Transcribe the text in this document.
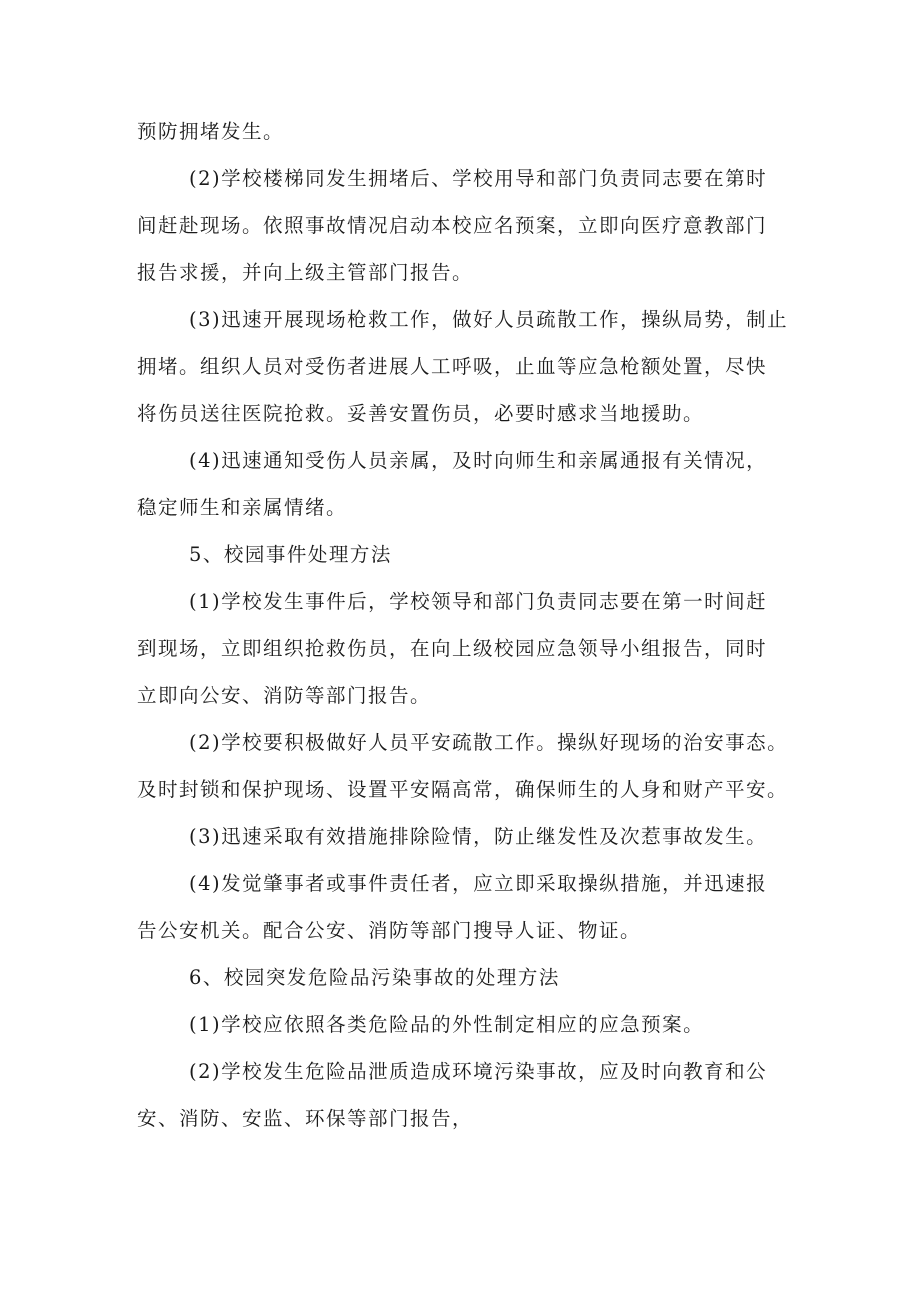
预防拥堵发生。
(2)学校楼梯同发生拥堵后、学校用导和部门负责同志要在第时
间赶赴现场。依照事故情况启动本校应名预案，立即向医疗意教部门
报告求援，并向上级主管部门报告。
(3)迅速开展现场枪救工作，做好人员疏散工作，操纵局势，制止
拥堵。组织人员对受伤者进展人工呼吸，止血等应急枪额处置，尽快
将伤员送往医院抢救。妥善安置伤员，必要时感求当地援助。
(4)迅速通知受伤人员亲属，及时向师生和亲属通报有关情况，
稳定师生和亲属情绪。
5、校园事件处理方法
(1)学校发生事件后，学校领导和部门负责同志要在第一时间赶
到现场，立即组织抢救伤员，在向上级校园应急领导小组报告，同时
立即向公安、消防等部门报告。
(2)学校要积极做好人员平安疏散工作。操纵好现场的治安事态。
及时封锁和保护现场、设置平安隔高常，确保师生的人身和财产平安。
(3)迅速采取有效措施排除险情，防止继发性及次惹事故发生。
(4)发觉肇事者或事件责任者，应立即采取操纵措施，并迅速报
告公安机关。配合公安、消防等部门搜导人证、物证。
6、校园突发危险品污染事故的处理方法
(1)学校应依照各类危险品的外性制定相应的应急预案。
(2)学校发生危险品泄质造成环境污染事故，应及时向教育和公
安、消防、安监、环保等部门报告，
